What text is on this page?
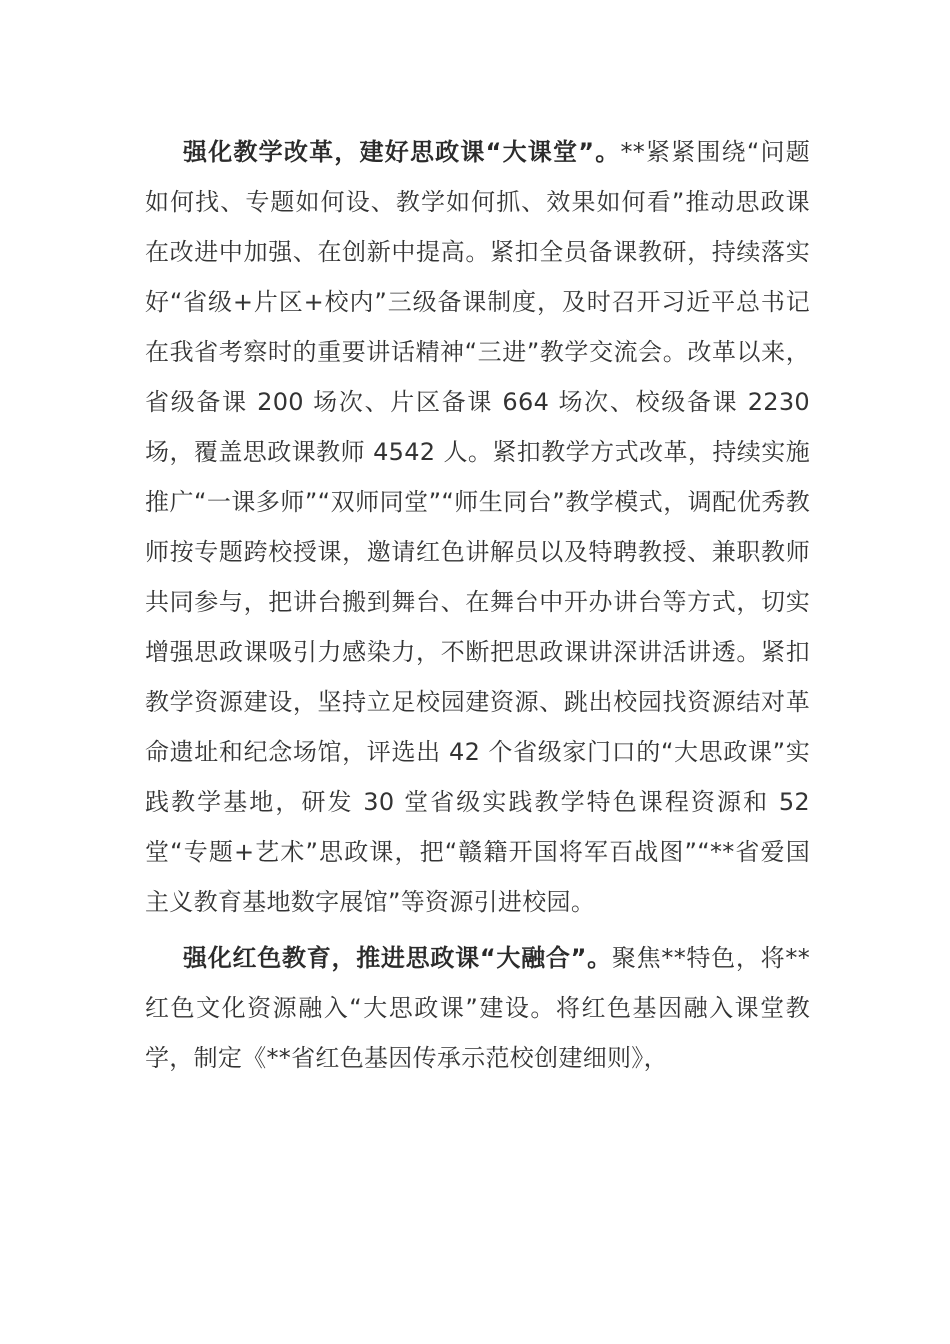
强化教学改革，建好思政课“大课堂”。**紧紧围绕“问题如何找、专题如何设、教学如何抓、效果如何看”推动思政课在改进中加强、在创新中提高。紧扣全员备课教研，持续落实好“省级+片区+校内”三级备课制度，及时召开习近平总书记在我省考察时的重要讲话精神“三进”教学交流会。改革以来，省级备课 200 场次、片区备课 664 场次、校级备课 2230 场，覆盖思政课教师 4542 人。紧扣教学方式改革，持续实施推广“一课多师”“双师同堂”“师生同台”教学模式，调配优秀教师按专题跨校授课，邀请红色讲解员以及特聘教授、兼职教师共同参与，把讲台搬到舞台、在舞台中开办讲台等方式，切实增强思政课吸引力感染力，不断把思政课讲深讲活讲透。紧扣教学资源建设，坚持立足校园建资源、跳出校园找资源结对革命遗址和纪念场馆，评选出 42 个省级家门口的“大思政课”实践教学基地，研发 30 堂省级实践教学特色课程资源和 52 堂“专题+艺术”思政课，把“赣籍开国将军百战图”“**省爱国主义教育基地数字展馆”等资源引进校园。

强化红色教育，推进思政课“大融合”。聚焦**特色，将**红色文化资源融入“大思政课”建设。将红色基因融入课堂教学，制定《**省红色基因传承示范校创建细则》，
